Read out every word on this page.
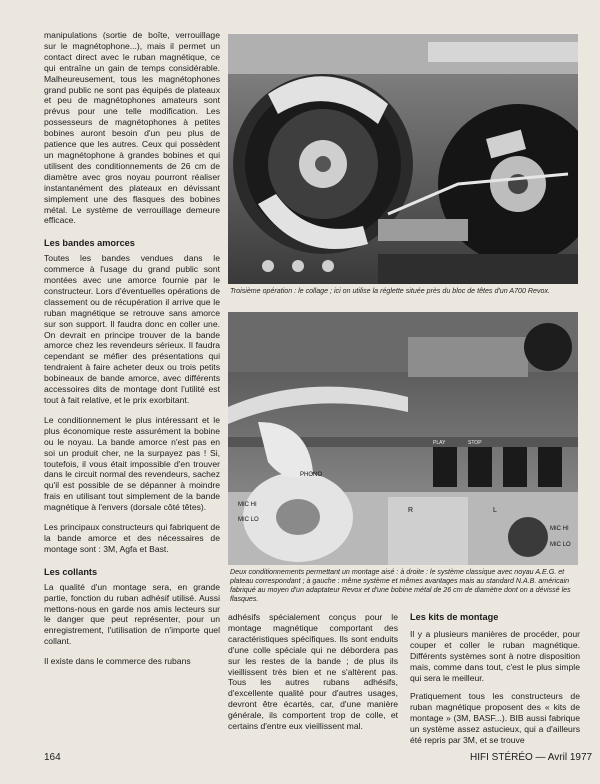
manipulations (sortie de boîte, verrouillage sur le magnétophone...), mais il permet un contact direct avec le ruban magnétique, ce qui entraîne un gain de temps considérable. Malheureusement, tous les magnétophones grand public ne sont pas équipés de plateaux et peu de magnétophones amateurs sont prévus pour une telle modification. Les possesseurs de magnétophones à petites bobines auront besoin d'un peu plus de patience que les autres. Ceux qui possèdent un magnétophone à grandes bobines et qui utilisent des conditionnements de 26 cm de diamètre avec gros noyau pourront réaliser instantanément des plateaux en dévissant simplement une des flasques des bobines métal. Le système de verrouillage demeure efficace.

Les bandes amorces

Toutes les bandes vendues dans le commerce à l'usage du grand public sont montées avec une amorce fournie par le constructeur. Lors d'éventuelles opérations de classement ou de récupération il arrive que le ruban magnétique se retrouve sans amorce sur son support. Il faudra donc en coller une. On devrait en principe trouver de la bande amorce chez les revendeurs sérieux. Il faudra cependant se méfier des présentations qui tendraient à faire acheter deux ou trois petits bobineaux de bande amorce, avec différents accessoires dits de montage dont l'utilité est tout à fait relative, et le prix exorbitant.

Le conditionnement le plus intéressant et le plus économique reste assurément la bobine ou le noyau. La bande amorce n'est pas en soi un produit cher, ne la surpayez pas ! Si, toutefois, il vous était impossible d'en trouver dans le circuit normal des revendeurs, sachez qu'il est possible de se dépanner à moindre frais en utilisant tout simplement de la bande magnétique à l'envers (dorsale côté têtes).

Les principaux constructeurs qui fabriquent de la bande amorce et des nécessaires de montage sont : 3M, Agfa et Bast.

Les collants

La qualité d'un montage sera, en grande partie, fonction du ruban adhésif utilisé. Aussi mettons-nous en garde nos amis lecteurs sur le danger que peut représenter, pour un enregistrement, l'utilisation de n'importe quel collant.

Il existe dans le commerce des rubans

Troisième opération : le collage ; ici on utilise la réglette située près du bloc de têtes d'un A700 Revox.
PHONO
MIC HI
MIC LO
MIC HI
MIC LO
PLAY	STOP
L
R
Deux conditionnements permettant un montage aisé : à droite : le système classique avec noyau A.E.G. et plateau correspondant ; à gauche : même système et mêmes avantages mais au standard N.A.B. américain fabriqué au moyen d'un adaptateur Revox et d'une bobine métal de 26 cm de diamètre dont on a dévissé les flasques.

adhésifs spécialement conçus pour le montage magnétique comportant des caractéristiques spécifiques. Ils sont enduits d'une colle spéciale qui ne débordera pas sur les restes de la bande ; de plus ils vieillissent très bien et ne s'altèrent pas. Tous les autres rubans adhésifs, d'excellente qualité pour d'autres usages, devront être écartés, car, d'une manière générale, ils comportent trop de colle, et certains d'entre eux vieillissent mal.

Les kits de montage

Il y a plusieurs manières de procéder, pour couper et coller le ruban magnétique. Différents systèmes sont à notre disposition mais, comme dans tout, c'est le plus simple qui sera le meilleur.

Pratiquement tous les constructeurs de ruban magnétique proposent des « kits de montage » (3M, BASF...). BIB aussi fabrique un système assez astucieux, qui a d'ailleurs été repris par 3M, et se trouve

164	HIFI STÉRÉO — Avril 1977
